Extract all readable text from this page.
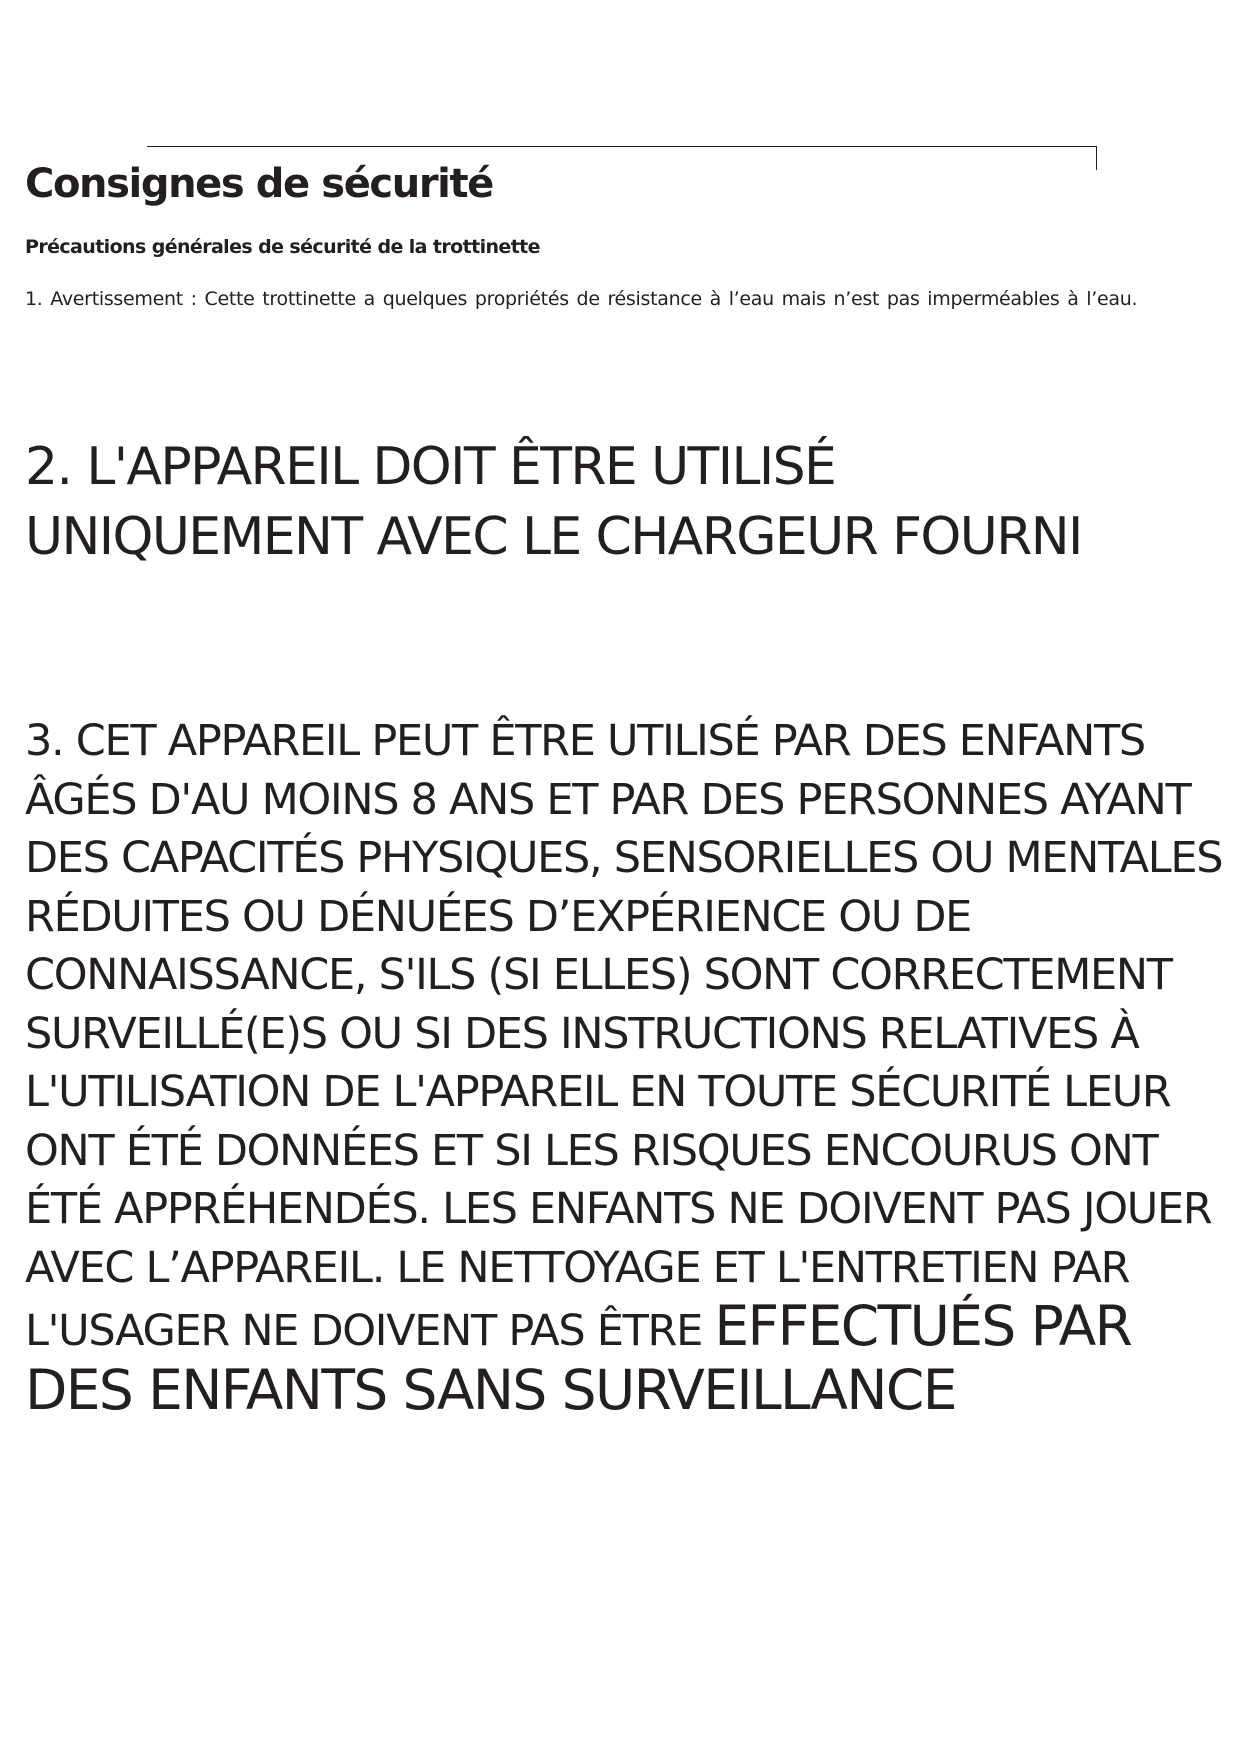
Consignes de sécurité
Précautions générales de sécurité de la trottinette

1. Avertissement : Cette trottinette a quelques propriétés de résistance à l’eau mais n’est pas imperméables à l’eau.

2. L'APPAREIL DOIT ÊTRE UTILISÉ UNIQUEMENT AVEC LE CHARGEUR FOURNI

3. CET APPAREIL PEUT ÊTRE UTILISÉ PAR DES ENFANTS ÂGÉS D'AU MOINS 8 ANS ET PAR DES PERSONNES AYANT DES CAPACITÉS PHYSIQUES, SENSORIELLES OU MENTALES RÉDUITES OU DÉNUÉES D’EXPÉRIENCE OU DE CONNAISSANCE, S'ILS (SI ELLES) SONT CORRECTEMENT SURVEILLÉ(E)S OU SI DES INSTRUCTIONS RELATIVES À L'UTILISATION DE L'APPAREIL EN TOUTE SÉCURITÉ LEUR ONT ÉTÉ DONNÉES ET SI LES RISQUES ENCOURUS ONT ÉTÉ APPRÉHENDÉS. LES ENFANTS NE DOIVENT PAS JOUER AVEC L’APPAREIL. LE NETTOYAGE ET L'ENTRETIEN PAR L'USAGER NE DOIVENT PAS ÊTRE EFFECTUÉS PAR DES ENFANTS SANS SURVEILLANCE
